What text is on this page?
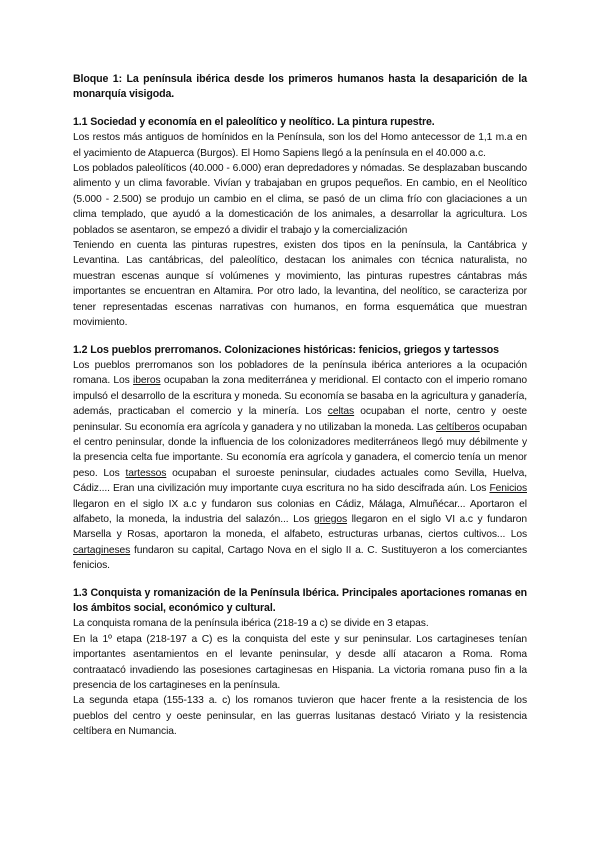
Bloque 1: La península ibérica desde los primeros humanos hasta la desaparición de la monarquía visigoda.
1.1 Sociedad y economía en el paleolítico y neolítico. La pintura rupestre.

Los restos más antiguos de homínidos en la Península, son los del Homo antecessor de 1,1 m.a en el yacimiento de Atapuerca (Burgos). El Homo Sapiens llegó a la península en el 40.000 a.c.

Los poblados paleolíticos (40.000 - 6.000) eran depredadores y nómadas. Se desplazaban buscando alimento y un clima favorable. Vivían y trabajaban en grupos pequeños. En cambio, en el Neolítico (5.000 - 2.500) se produjo un cambio en el clima, se pasó de un clima frío con glaciaciones a un clima templado, que ayudó a la domesticación de los animales, a desarrollar la agricultura. Los poblados se asentaron, se empezó a dividir el trabajo y la comercialización

Teniendo en cuenta las pinturas rupestres, existen dos tipos en la península, la Cantábrica y Levantina. Las cantábricas, del paleolítico, destacan los animales con técnica naturalista, no muestran escenas aunque sí volúmenes y movimiento, las pinturas rupestres cántabras más importantes se encuentran en Altamira. Por otro lado, la levantina, del neolítico, se caracteriza por tener representadas escenas narrativas con humanos, en forma esquemática que muestran movimiento.

1.2 Los pueblos prerromanos. Colonizaciones históricas: fenicios, griegos y tartessos

Los pueblos prerromanos son los pobladores de la península ibérica anteriores a la ocupación romana. Los iberos ocupaban la zona mediterránea y meridional. El contacto con el imperio romano impulsó el desarrollo de la escritura y moneda. Su economía se basaba en la agricultura y ganadería, además, practicaban el comercio y la minería. Los celtas ocupaban el norte, centro y oeste peninsular. Su economía era agrícola y ganadera y no utilizaban la moneda. Las celtíberos ocupaban el centro peninsular, donde la influencia de los colonizadores mediterráneos llegó muy débilmente y la presencia celta fue importante. Su economía era agrícola y ganadera, el comercio tenía un menor peso. Los tartessos ocupaban el suroeste peninsular, ciudades actuales como Sevilla, Huelva, Cádiz.... Eran una civilización muy importante cuya escritura no ha sido descifrada aún. Los Fenicios llegaron en el siglo IX a.c y fundaron sus colonias en Cádiz, Málaga, Almuñécar... Aportaron el alfabeto, la moneda, la industria del salazón... Los griegos llegaron en el siglo VI a.c y fundaron Marsella y Rosas, aportaron la moneda, el alfabeto, estructuras urbanas, ciertos cultivos... Los cartagineses fundaron su capital, Cartago Nova en el siglo II a. C. Sustituyeron a los comerciantes fenicios.

1.3 Conquista y romanización de la Península Ibérica. Principales aportaciones romanas en los ámbitos social, económico y cultural.

La conquista romana de la península ibérica (218-19 a c) se divide en 3 etapas.

En la 1º etapa (218-197 a C) es la conquista del este y sur peninsular. Los cartagineses tenían importantes asentamientos en el levante peninsular, y desde allí atacaron a Roma. Roma contraatacó invadiendo las posesiones cartaginesas en Hispania. La victoria romana puso fin a la presencia de los cartagineses en la península.

La segunda etapa (155-133 a. c) los romanos tuvieron que hacer frente a la resistencia de los pueblos del centro y oeste peninsular, en las guerras lusitanas destacó Viriato y la resistencia celtíbera en Numancia.
